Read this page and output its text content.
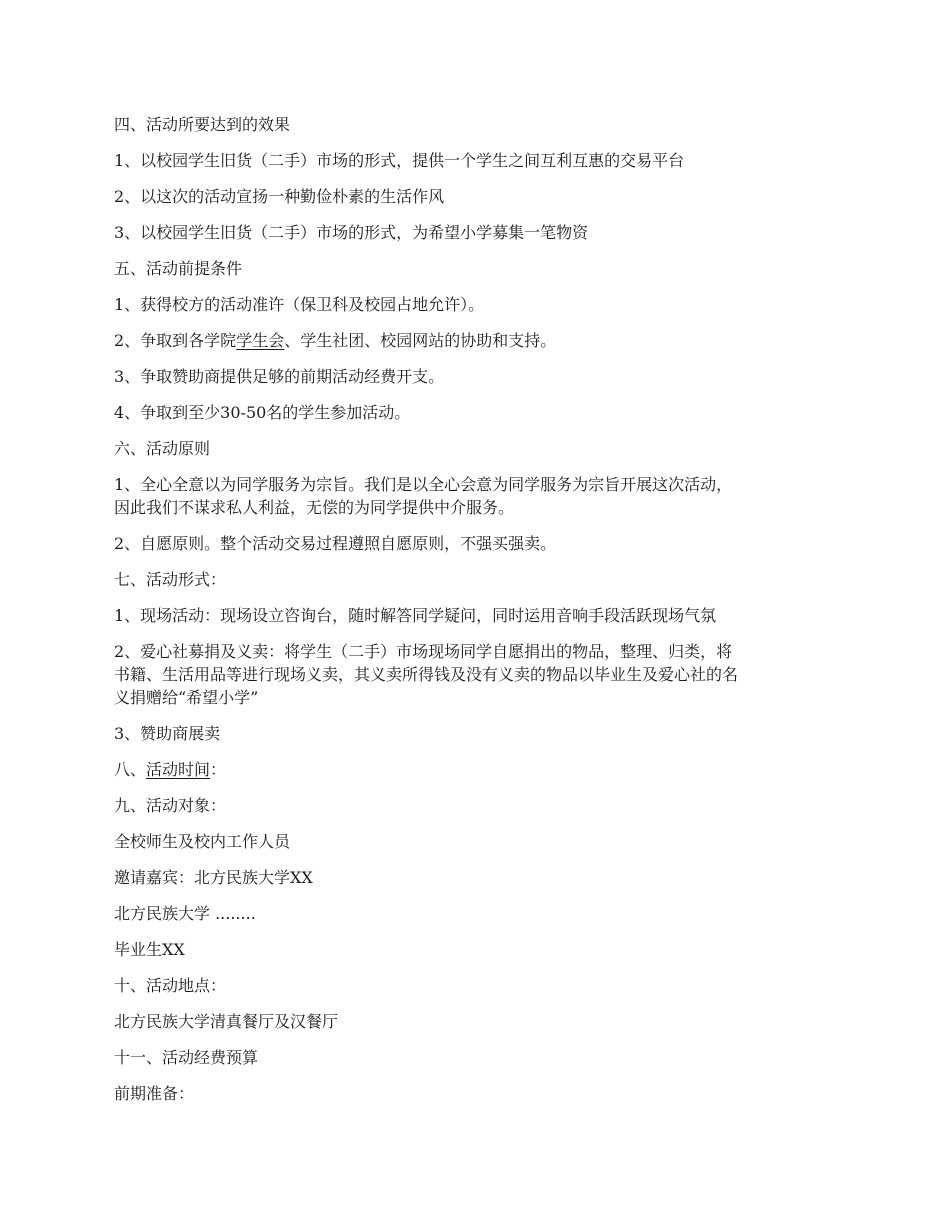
四、活动所要达到的效果

1、以校园学生旧货（二手）市场的形式，提供一个学生之间互利互惠的交易平台

2、以这次的活动宣扬一种勤俭朴素的生活作风

3、以校园学生旧货（二手）市场的形式，为希望小学募集一笔物资

五、活动前提条件

1、获得校方的活动准许（保卫科及校园占地允许）。

2、争取到各学院学生会、学生社团、校园网站的协助和支持。

3、争取赞助商提供足够的前期活动经费开支。

4、争取到至少30-50名的学生参加活动。

六、活动原则

1、全心全意以为同学服务为宗旨。我们是以全心会意为同学服务为宗旨开展这次活动，
因此我们不谋求私人利益，无偿的为同学提供中介服务。

2、自愿原则。整个活动交易过程遵照自愿原则，不强买强卖。

七、活动形式：

1、现场活动：现场设立咨询台，随时解答同学疑问，同时运用音响手段活跃现场气氛

2、爱心社募捐及义卖：将学生（二手）市场现场同学自愿捐出的物品，整理、归类，将
书籍、生活用品等进行现场义卖，其义卖所得钱及没有义卖的物品以毕业生及爱心社的名
义捐赠给“希望小学”

3、赞助商展卖

八、活动时间：

九、活动对象：

全校师生及校内工作人员

邀请嘉宾：北方民族大学XX

北方民族大学 ........

毕业生XX

十、活动地点：

北方民族大学清真餐厅及汉餐厅

十一、活动经费预算

前期准备：
